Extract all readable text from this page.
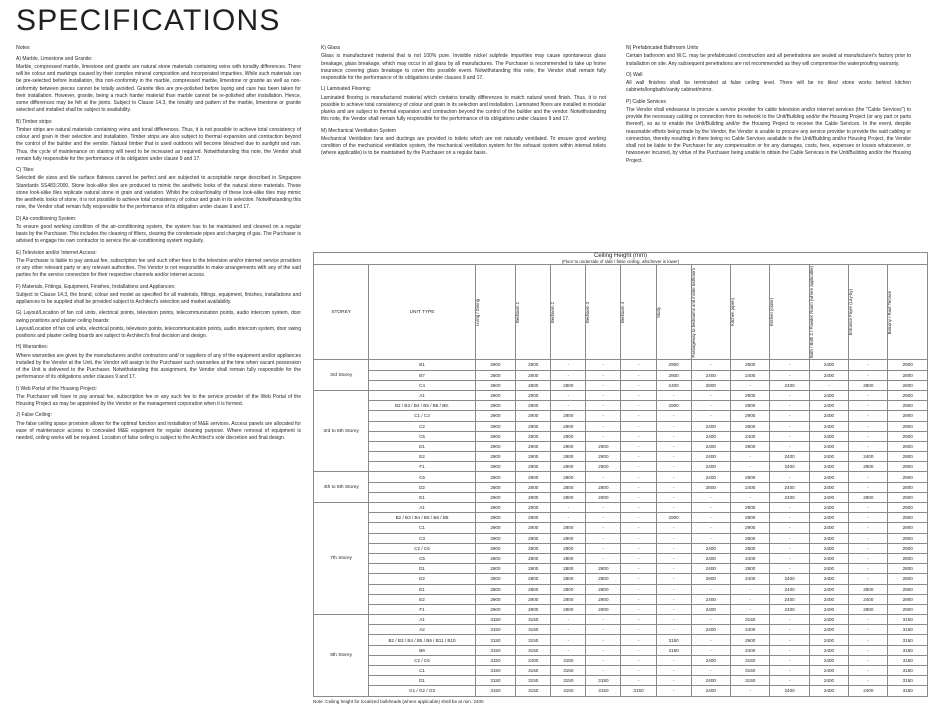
SPECIFICATIONS
Notes
A) Marble, Limestone and Granite:

Marble, compressed marble, limestone and granite are natural stone materials containing veins with tonality differences. There will be colour and markings caused by their complex mineral composition and incorporated impurities. While such materials can be pre-selected before installation, this non-conformity in the marble, compressed marble, limestone or granite as well as non-uniformity between pieces cannot be totally avoided. Granite tiles are pre-polished before laying and care has been taken for their installation. However, granite, being a much harder material than marble cannot be re-polished after installation. Hence, some differences may be felt at the joints. Subject to Clause 14.3, the tonality and pattern of the marble, limestone or granite selected and installed shall be subject to availability.

B) Timber strips:

Timber strips are natural materials containing veins and tonal differences. Thus, it is not possible to achieve total consistency of colour and grain in their selection and installation. Timber strips are also subject to thermal expansion and contraction beyond the control of the builder and the vendor. Natural timber that is used outdoors will become bleached due to sunlight and rain. Thus, the cycle of maintenance on staining will need to be increased as required. Notwithstanding this note, the Vendor shall remain fully responsible for the performance of its obligation under clause 9 and 17.

C) Tiles:

Selected tile sizes and tile surface flatness cannot be perfect and are subjected to acceptable range described in Singapore Standards SS483:2000. Stone look-alike tiles are produced to mimic the aesthetic looks of the natural stone materials. These stone look-alike tiles replicate natural stone in grain and variation. Whilst the colour/tonality of these look-alike tiles may mimic the aesthetic looks of stone, it is not possible to achieve total consistency of colour and grain in its selection. Notwithstanding this note, the Vendor shall remain fully responsible for the performance of its obligation under clause 9 and 17.

D) Air-conditioning System:

To ensure good working condition of the air-conditioning system, the system has to be maintained and cleaned on a regular basis by the Purchaser. This includes the cleaning of filters, clearing the condensate pipes and charging of gas. The Purchaser is advised to engage his own contractor to service the air-conditioning system regularly.

E) Television and/or Internet Access:

The Purchaser is liable to pay annual fee, subscription fee and such other fees to the television and/or internet service providers or any other relevant party or any relevant authorities. The Vendor is not responsible to make arrangements with any of the said parties for the service connection for their respective channels and/or internet access.

F) Materials, Fittings, Equipment, Finishes, Installations and Appliances:

Subject to Clause 14.3, the brand, colour and model as specified for all materials, fittings, equipment, finishes, installations and appliances to be supplied shall be provided subject to Architect's selection and market availability.

G) Layout/Location of fan coil units, electrical points, television points, telecommunication points, audio intercom system, door swing positions and plaster ceiling boards:

Layout/Location of fan coil units, electrical points, television points, telecommunication points, audio intercom system, door swing positions and plaster ceiling boards are subject to Architect's final decision and design.

H) Warranties:

Where warranties are given by the manufacturers and/or contractors and/ or suppliers of any of the equipment and/or appliances installed by the Vendor at the Unit, the Vendor will assign to the Purchaser such warranties at the time when vacant possession of the Unit is delivered to the Purchaser. Notwithstanding this assignment, the Vendor shall remain fully responsible for the performance of its obligations under clauses 9 and 17.

I) Web Portal of the Housing Project:

The Purchaser will have to pay annual fee, subscription fee or any such fee to the service provider of the Web Portal of the Housing Project as may be appointed by the Vendor or the management corporation when it is formed.

J) False Ceiling:

The false ceiling space provision allows for the optimal function and installation of M&E services. Access panels are allocated for ease of maintenance access to concealed M&E equipment for regular cleaning purpose. Where removal of equipment is needed, ceiling works will be required. Location of false ceiling is subject to the Architect's sole discretion and final design.

K) Glass

Glass is manufactured material that is not 100% pure. Invisible nickel sulphide impurities may cause spontaneous glass breakage, glass breakage, which may occur in all glass by all manufactures. The Purchaser is recommended to take up home insurance covering glass breakage to cover this possible event. Notwithstanding this note, the Vendor shall remain fully responsible for the performance of its obligations under clauses 9 and 17.

L) Laminated Flooring:

Laminated flooring is manufactured material which contains tonality differences to match natural wood finish. Thus, it is not possible to achieve total consistency of colour and grain in its selection and installation. Laminated floors are installed in modular planks and are subject to thermal expansion and contraction beyond the control of the builder and the vendor. Notwithstanding this note, the Vendor shall remain fully responsible for the performance of its obligations under clauses 9 and 17.

M) Mechanical Ventilation System

Mechanical Ventilation fans and ductings are provided to toilets which are not naturally ventilated. To ensure good working condition of the mechanical ventilation system, the mechanical ventilation system for the exhaust system within internal toilets (where applicable) is to be maintained by the Purchaser on a regular basis.

N) Prefabricated Bathroom Units

Certain bathroom and W.C. may be prefabricated construction and all penetrations are sealed at manufacturer's factory prior to installation on site. Any subsequent penetrations are not recommended as they will compromise the waterproofing warranty.

O) Wall

All wall finishes shall be terminated at false ceiling level. There will be no tiles/ stone works behind kitchen cabinets/longbath/vanity cabinet/mirror.

P) Cable Services

The Vendor shall endeavour to procure a service provider for cable television and/or internet services (the "Cable Services") to provide the necessary cabling or connection from its network to the Unit/Building and/or the Housing Project (or any part or parts thereof), so as to enable the Unit/Building and/or the Housing Project to receive the Cable Services. In the event, despite reasonable efforts being made by the Vendor, the Vendor is unable to procure any service provider to provide the said cabling or connection, thereby resulting in there being no Cable Services available in the Unit/Building and/or Housing Project, the Vendor shall not be liable to the Purchaser for any compensation or for any damages, costs, fees, expenses or losses whatsoever, or howsoever incurred, by virtue of the Purchaser being unable to obtain the Cable Services in the Unit/Building and/or the Housing Project.

Ceiling Height (mm)
(Floor to underside of slab / false ceiling, whichever is lower)													

STOREY	UNIT TYPE	Living / Dining	Bedroom 1	Bedroom 2	Bedroom 3	Bedroom 4	Study	Passageway to bedrooms and inside bathroom	Kitchen (open)	Kitchen (close)	Bath / Bath 2 / Powder Room (where applicable)	Entrance Foyer (Lay-by)	Balcony / Roof Terrace

3rd Storey	B1	2900	2900	-	-	-	2900	-	2900	-	2400	-	2900
	B7	2800	2800	-	-	-	2800	2400	2400	-	2400	-	2800
	C4	2800	2800	2800	-	-	2400	2800	-	2400	-	2800	2800
3rd to 6th Storey	A1	2900	2900	-	-	-	-	-	2900	-	2400	-	2900
	B2 / B3 / B4 / B5 / B6 / B8.	2900	2900	-	-	-	2900	-	2900	-	2400	-	2900
	C1 / C3	2900	2900	2900	-	-	-	-	2900	-	2400	-	2900
	C2	2900	2900	2900	-	-	-	2400	2900	-	2400	-	2900
	C5	2900	2900	2900	-	-	-	2400	2400	-	2400	-	2900
	D1	2900	2900	2900	2900	-	-	2400	2900	-	2400	-	2900
	E2	2900	2900	2900	2900	-	-	2400	-	2400	2400	2400	2900
	F1	2900	2900	2900	2900	-	-	2400	-	2400	2400	2900	2900
4th to 6th Storey	C6	2900	2900	2900	-	-	-	2400	2900	-	2400	-	2900
	D2	2800	2800	2800	2800	-	-	2800	2400	2400	2400	-	2800
	E1	2900	2900	2900	2900	-	-	-	-	2400	2400	2900	2900
7th Storey	A1	2900	2900	-	-	-	-	-	2900	-	2400	-	2900
	B2 / B3 / B4 / B5 / B6 / B8	2900	2900	-	-	-	2900	-	2900	-	2400	-	2900
	C1	2900	2900	2900	-	-	-	-	2900	-	2400	-	2900
	C3	2900	2900	2900	-	-	-	-	2900	-	2400	-	2900
	C2 / C6	2900	2900	2900	-	-	-	2400	2900	-	2400	-	2900
	C5	2800	2800	2800	-	-	-	2400	2400	-	2400	-	2800
	D1	2800	2800	2800	2800	-	-	2400	2800	-	2400	-	2800
	D2	2800	2800	2800	2800	-	-	2800	2400	2400	2400	-	2800
	E1	2800	2800	2800	2800	-	-	-	-	2400	2400	2800	2900
	E2	2900	2900	2900	2900	-	-	2400	-	2400	2400	2400	2900
	F1	2900	2900	2900	2900	-	-	2400	-	2400	2400	2900	2900
8th Storey	A1	3150	3150	-	-	-	-	-	3150	-	2400	-	3150
	A2	3150	3150	-	-	-	-	2400	2400	-	2400	-	3150
	B2 / B3 / B4 / B5 / B6 / B11 / B10	3150	3150	-	-	-	3150	-	2900	-	2400	-	3150
	B9	3150	3150	-	-	-	3150	-	2400	-	2400	-	3150
	C2 / C6	3150	2400	3150	-	-	-	2400	3150	-	2400	-	3150
	C1	3150	3150	3150	-	-	-	-	3150	-	2400	-	3150
	D1	3150	3150	3150	3150	-	-	2400	3150	-	2400	-	3150
	G1 / G2 / G3	3150	3150	3150	3150	3150	-	2400	-	2400	2400	2400	3150
Note: Ceiling height for localized bulkheads (where applicable) shall be at min. 2400
